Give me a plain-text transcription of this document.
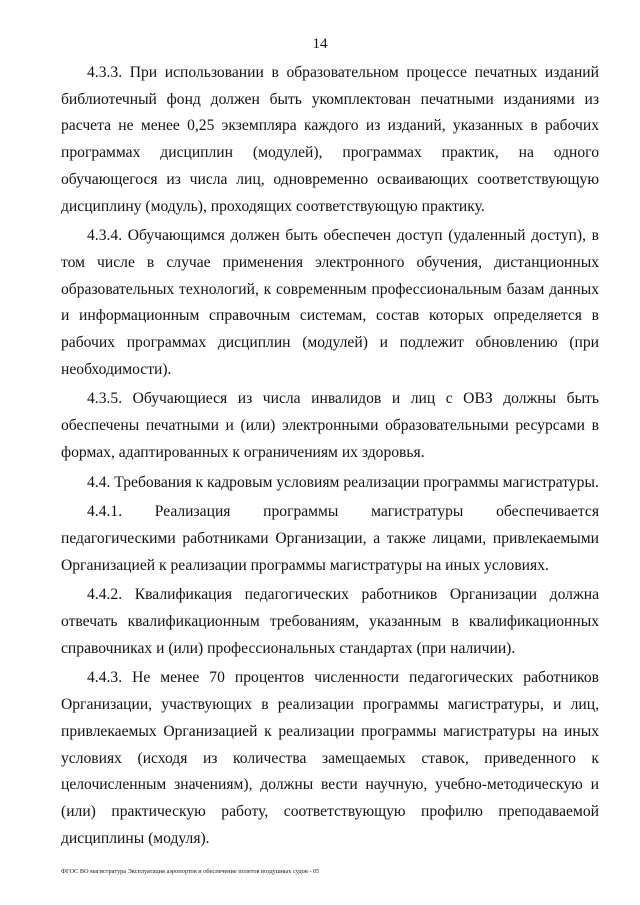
14

4.3.3. При использовании в образовательном процессе печатных изданий библиотечный фонд должен быть укомплектован печатными изданиями из расчета не менее 0,25 экземпляра каждого из изданий, указанных в рабочих программах дисциплин (модулей), программах практик, на одного обучающегося из числа лиц, одновременно осваивающих соответствующую дисциплину (модуль), проходящих соответствующую практику.

4.3.4. Обучающимся должен быть обеспечен доступ (удаленный доступ), в том числе в случае применения электронного обучения, дистанционных образовательных технологий, к современным профессиональным базам данных и информационным справочным системам, состав которых определяется в рабочих программах дисциплин (модулей) и подлежит обновлению (при необходимости).

4.3.5. Обучающиеся из числа инвалидов и лиц с ОВЗ должны быть обеспечены печатными и (или) электронными образовательными ресурсами в формах, адаптированных к ограничениям их здоровья.

4.4. Требования к кадровым условиям реализации программы магистратуры.

4.4.1. Реализация программы магистратуры обеспечивается педагогическими работниками Организации, а также лицами, привлекаемыми Организацией к реализации программы магистратуры на иных условиях.

4.4.2. Квалификация педагогических работников Организации должна отвечать квалификационным требованиям, указанным в квалификационных справочниках и (или) профессиональных стандартах (при наличии).

4.4.3. Не менее 70 процентов численности педагогических работников Организации, участвующих в реализации программы магистратуры, и лиц, привлекаемых Организацией к реализации программы магистратуры на иных условиях (исходя из количества замещаемых ставок, приведенного к целочисленным значениям), должны вести научную, учебно-методическую и (или) практическую работу, соответствующую профилю преподаваемой дисциплины (модуля).

ФГОС ВО магистратура Эксплуатация аэропортов и обеспечение полетов воздушных судов - 05
